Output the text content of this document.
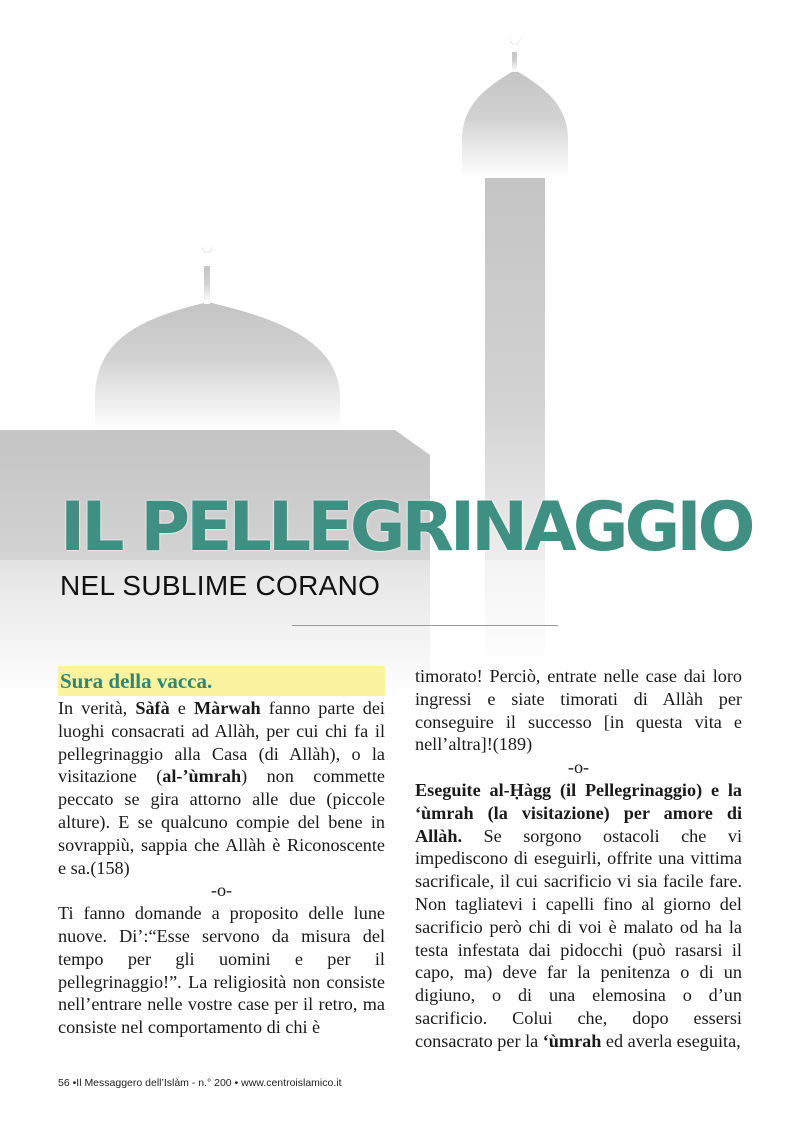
IL PELLEGRINAGGIO
NEL SUBLIME CORANO
Sura della vacca.

In verità, Sàfà e Màrwah fanno parte dei luoghi consacrati ad Allàh, per cui chi fa il pellegrinaggio alla Casa (di Allàh), o la visitazione (al-’ùmrah) non commette peccato se gira attorno alle due (piccole alture). E se qualcuno compie del bene in sovrappiù, sappia che Allàh è Riconoscente e sa.(158)

-o-

Ti fanno domande a proposito delle lune nuove. Di’:“Esse servono da misura del tempo per gli uomini e per il pellegrinaggio!”. La religiosità non consiste nell’entrare nelle vostre case per il retro, ma consiste nel comportamento di chi è

timorato! Perciò, entrate nelle case dai loro ingressi e siate timorati di Allàh per conseguire il successo [in questa vita e nell’altra]!(189)

-o-

Eseguite al-Ḥàgg (il Pellegrinaggio) e la ‘ùmrah (la visitazione) per amore di Allàh. Se sorgono ostacoli che vi impediscono di eseguirli, offrite una vittima sacrificale, il cui sacrificio vi sia facile fare. Non tagliatevi i capelli fino al giorno del sacrificio però chi di voi è malato od ha la testa infestata dai pidocchi (può rasarsi il capo, ma) deve far la penitenza o di un digiuno, o di una elemosina o d’un sacrificio. Colui che, dopo essersi consacrato per la ‘ùmrah ed averla eseguita,

56 •Il Messaggero dell’Islàm - n.° 200 • www.centroislamico.it
